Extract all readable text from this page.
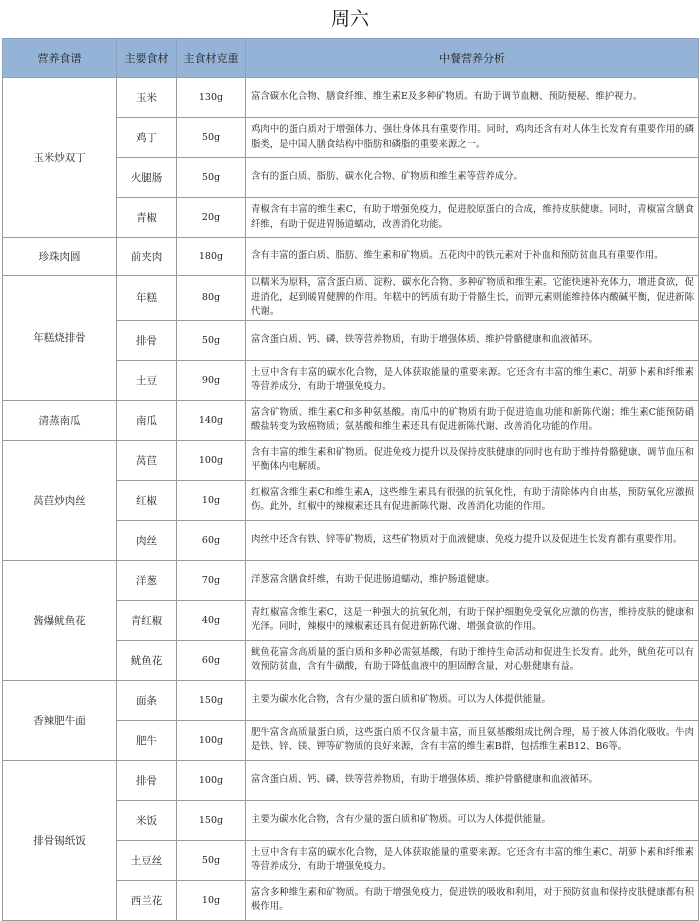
周六
营养食谱	主要食材	主食材克重	中餐营养分析
玉米炒双丁	玉米	130g	富含碳水化合物、膳食纤维、维生素E及多种矿物质。有助于调节血糖、预防便秘、维护视力。
	鸡丁	50g	鸡肉中的蛋白质对于增强体力、强壮身体具有重要作用。同时，鸡肉还含有对人体生长发育有重要作用的磷脂类，是中国人膳食结构中脂肪和磷脂的重要来源之一。
	火腿肠	50g	含有的蛋白质、脂肪、碳水化合物、矿物质和维生素等营养成分。
	青椒	20g	青椒含有丰富的维生素C，有助于增强免疫力，促进胶原蛋白的合成，维持皮肤健康。同时，青椒富含膳食纤维，有助于促进胃肠道蠕动，改善消化功能。
珍珠肉圆	前夹肉	180g	含有丰富的蛋白质、脂肪、维生素和矿物质。五花肉中的铁元素对于补血和预防贫血具有重要作用。
年糕烧排骨	年糕	80g	以糯米为原料，富含蛋白质、淀粉、碳水化合物、多种矿物质和维生素。它能快速补充体力，增进食欲，促进消化，起到暖胃健脾的作用。年糕中的钙质有助于骨骼生长，而钾元素则能维持体内酸碱平衡，促进新陈代谢。
	排骨	50g	富含蛋白质、钙、磷、铁等营养物质，有助于增强体质、维护骨骼健康和血液循环。
	土豆	90g	土豆中含有丰富的碳水化合物，是人体获取能量的重要来源。它还含有丰富的维生素C、胡萝卜素和纤维素等营养成分，有助于增强免疫力。
清蒸南瓜	南瓜	140g	富含矿物质、维生素C和多种氨基酸。南瓜中的矿物质有助于促进造血功能和新陈代谢；维生素C能预防硝酸盐转变为致癌物质；氨基酸和维生素还具有促进新陈代谢、改善消化功能的作用。
莴苣炒肉丝	莴苣	100g	含有丰富的维生素和矿物质。促进免疫力提升以及保持皮肤健康的同时也有助于维持骨骼健康、调节血压和平衡体内电解质。
	红椒	10g	红椒富含维生素C和维生素A，这些维生素具有很强的抗氧化性，有助于清除体内自由基，预防氧化应激损伤。此外，红椒中的辣椒素还具有促进新陈代谢、改善消化功能的作用。
	肉丝	60g	肉丝中还含有铁、锌等矿物质，这些矿物质对于血液健康、免疫力提升以及促进生长发育都有重要作用。
酱爆鱿鱼花	洋葱	70g	洋葱富含膳食纤维，有助于促进肠道蠕动，维护肠道健康。
	青红椒	40g	青红椒富含维生素C，这是一种强大的抗氧化剂，有助于保护细胞免受氧化应激的伤害，维持皮肤的健康和光泽。同时，辣椒中的辣椒素还具有促进新陈代谢、增强食欲的作用。
	鱿鱼花	60g	鱿鱼花富含高质量的蛋白质和多种必需氨基酸，有助于维持生命活动和促进生长发育。此外，鱿鱼花可以有效预防贫血，含有牛磺酸，有助于降低血液中的胆固醇含量，对心脏健康有益。
香辣肥牛面	面条	150g	主要为碳水化合物，含有少量的蛋白质和矿物质。可以为人体提供能量。
	肥牛	100g	肥牛富含高质量蛋白质，这些蛋白质不仅含量丰富，而且氨基酸组成比例合理，易于被人体消化吸收。牛肉是铁、锌、镁、钾等矿物质的良好来源，含有丰富的维生素B群，包括维生素B12、B6等。
排骨锡纸饭	排骨	100g	富含蛋白质、钙、磷、铁等营养物质，有助于增强体质、维护骨骼健康和血液循环。
	米饭	150g	主要为碳水化合物，含有少量的蛋白质和矿物质。可以为人体提供能量。
	土豆丝	50g	土豆中含有丰富的碳水化合物，是人体获取能量的重要来源。它还含有丰富的维生素C、胡萝卜素和纤维素等营养成分，有助于增强免疫力。
	西兰花	10g	富含多种维生素和矿物质。有助于增强免疫力，促进铁的吸收和利用，对于预防贫血和保持皮肤健康都有积极作用。
